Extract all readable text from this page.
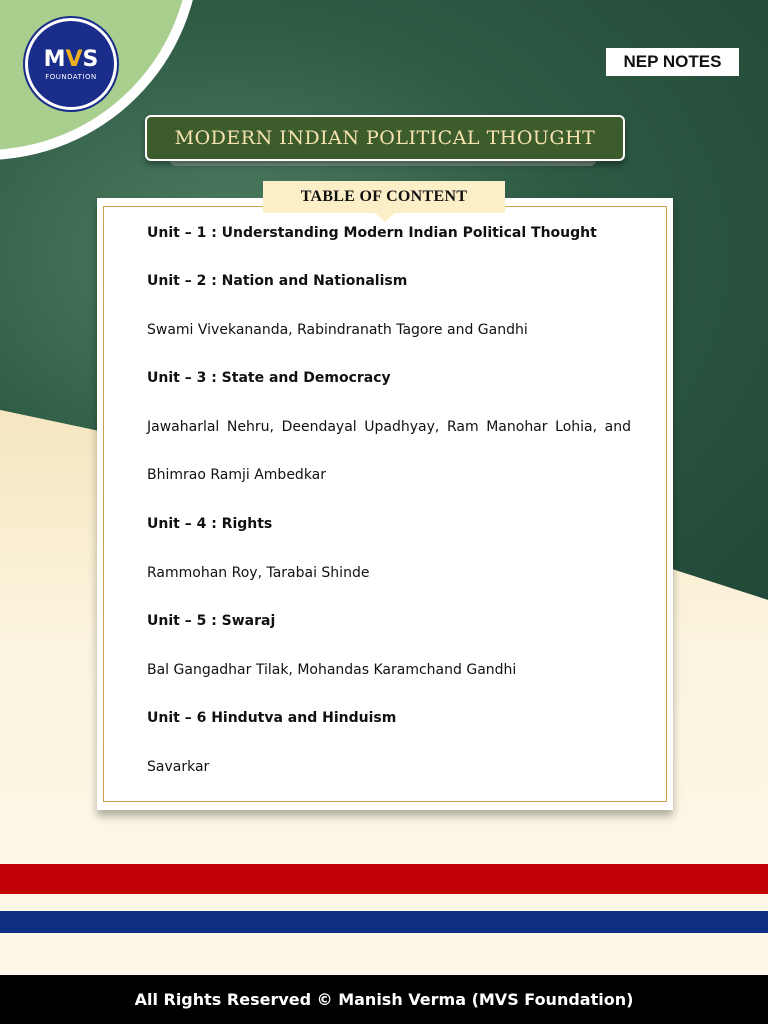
MVS
FOUNDATION
NEP NOTES
MODERN INDIAN POLITICAL THOUGHT
TABLE OF CONTENT
Unit – 1 : Understanding Modern Indian Political Thought
Unit – 2 : Nation and Nationalism
Swami Vivekananda, Rabindranath Tagore and Gandhi
Unit – 3 : State and Democracy
Jawaharlal Nehru, Deendayal Upadhyay, Ram Manohar Lohia, and
Bhimrao Ramji Ambedkar
Unit – 4 : Rights
Rammohan Roy, Tarabai Shinde
Unit – 5 : Swaraj
Bal Gangadhar Tilak, Mohandas Karamchand Gandhi
Unit – 6 Hindutva and Hinduism
Savarkar
All Rights Reserved © Manish Verma (MVS Foundation)
